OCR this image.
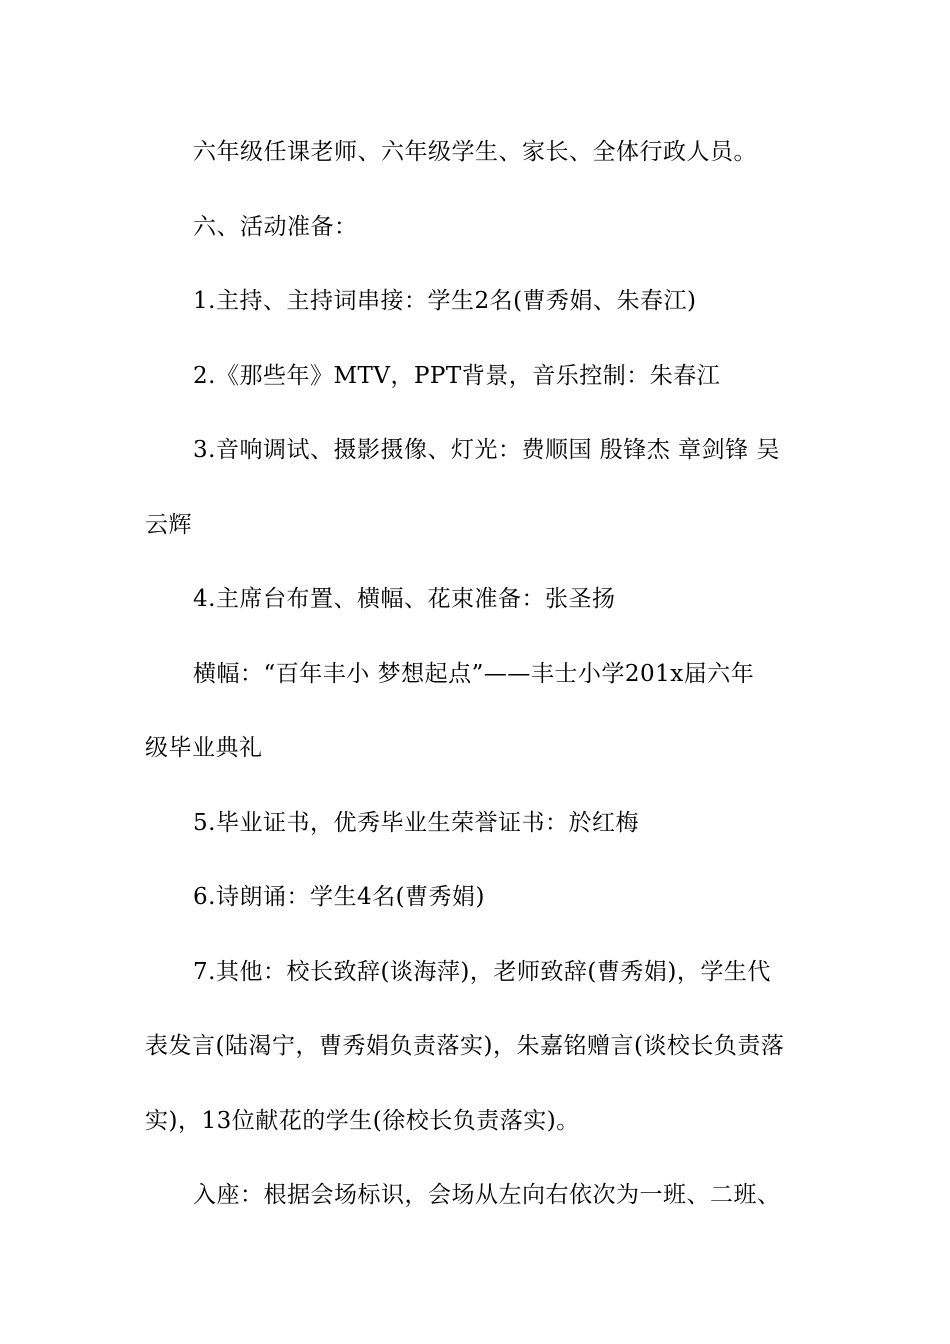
六年级任课老师、六年级学生、家长、全体行政人员。
六、活动准备：
1.主持、主持词串接：学生2名(曹秀娟、朱春江)
2.《那些年》MTV，PPT背景，音乐控制：朱春江
3.音响调试、摄影摄像、灯光：费顺国 殷锋杰 章剑锋 吴
云辉
4.主席台布置、横幅、花束准备：张圣扬
横幅：“百年丰小 梦想起点”——丰士小学201x届六年
级毕业典礼
5.毕业证书，优秀毕业生荣誉证书：於红梅
6.诗朗诵：学生4名(曹秀娟)
7.其他：校长致辞(谈海萍)，老师致辞(曹秀娟)，学生代
表发言(陆渴宁，曹秀娟负责落实)，朱嘉铭赠言(谈校长负责落
实)，13位献花的学生(徐校长负责落实)。
入座：根据会场标识，会场从左向右依次为一班、二班、
